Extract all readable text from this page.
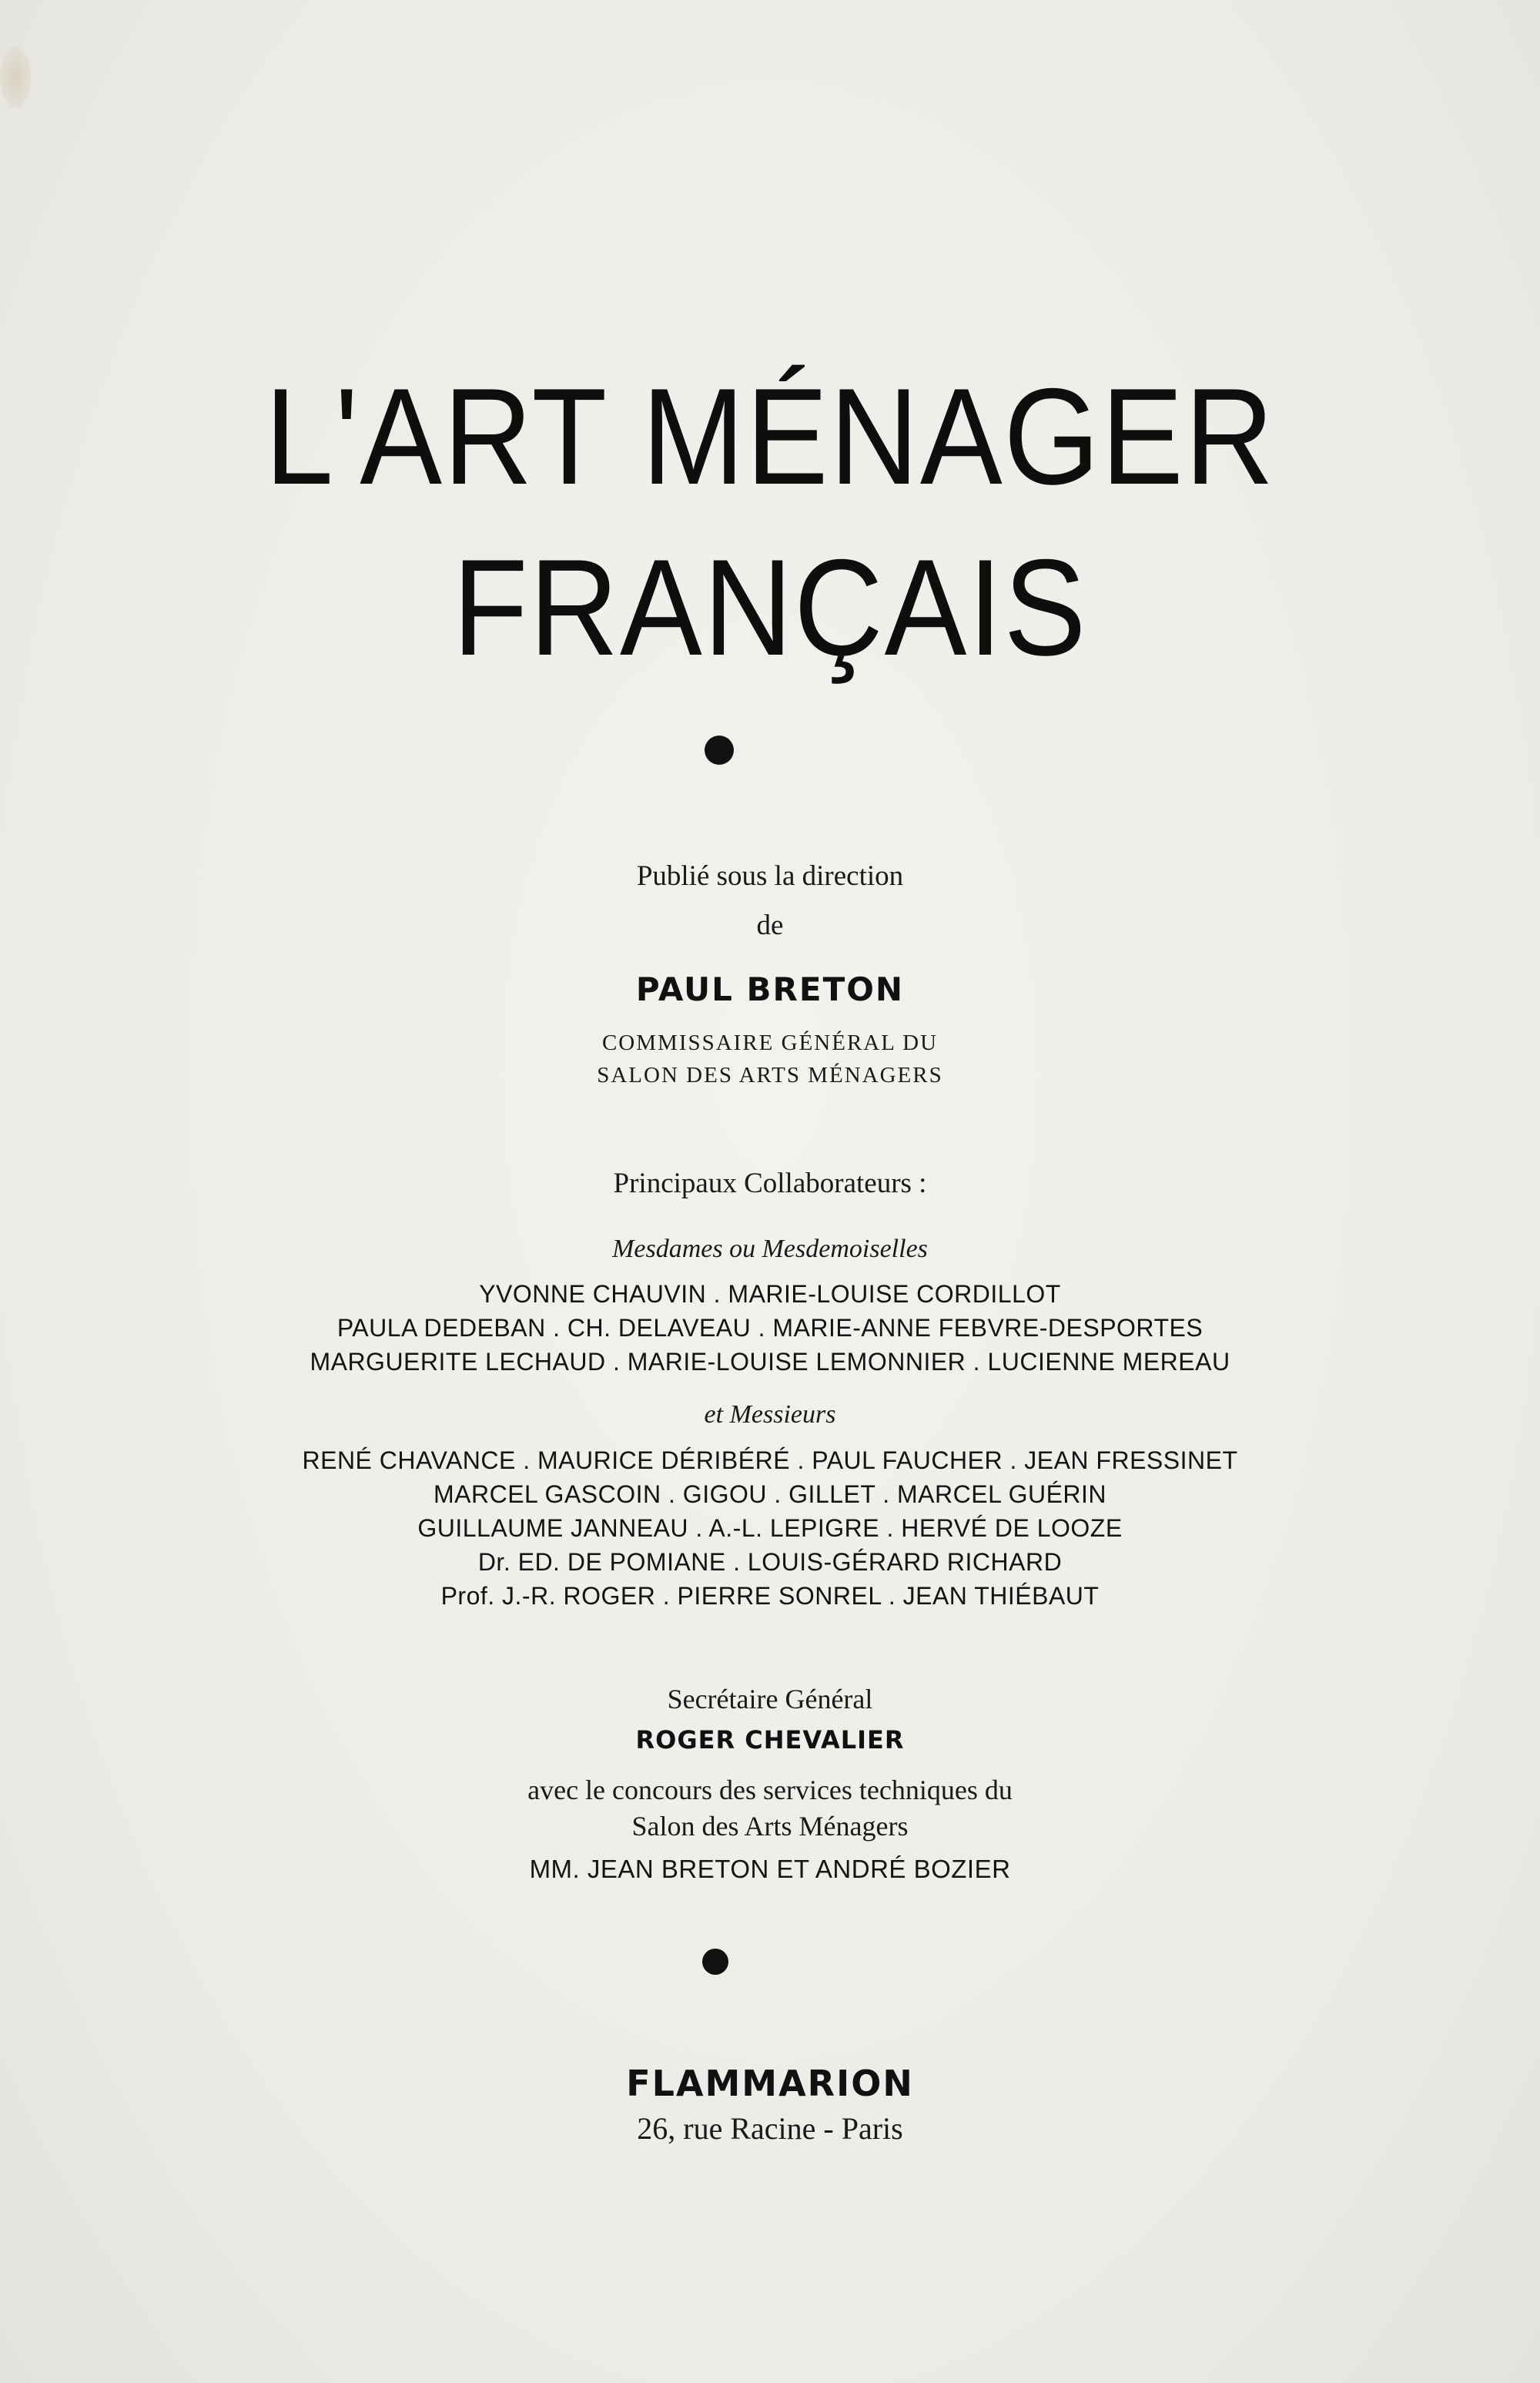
L'ART MÉNAGER
FRANÇAIS
Publié sous la direction
de
PAUL BRETON
COMMISSAIRE GÉNÉRAL DU
SALON DES ARTS MÉNAGERS
Principaux Collaborateurs :
Mesdames ou Mesdemoiselles
YVONNE CHAUVIN . MARIE-LOUISE CORDILLOT
PAULA DEDEBAN . CH. DELAVEAU . MARIE-ANNE FEBVRE-DESPORTES
MARGUERITE LECHAUD . MARIE-LOUISE LEMONNIER . LUCIENNE MEREAU
et Messieurs
RENÉ CHAVANCE . MAURICE DÉRIBÉRÉ . PAUL FAUCHER . JEAN FRESSINET
MARCEL GASCOIN . GIGOU . GILLET . MARCEL GUÉRIN
GUILLAUME JANNEAU . A.-L. LEPIGRE . HERVÉ DE LOOZE
Dr. ED. DE POMIANE . LOUIS-GÉRARD RICHARD
Prof. J.-R. ROGER . PIERRE SONREL . JEAN THIÉBAUT
Secrétaire Général
ROGER CHEVALIER
avec le concours des services techniques du
Salon des Arts Ménagers
MM. JEAN BRETON ET ANDRÉ BOZIER
FLAMMARION
26, rue Racine - Paris
